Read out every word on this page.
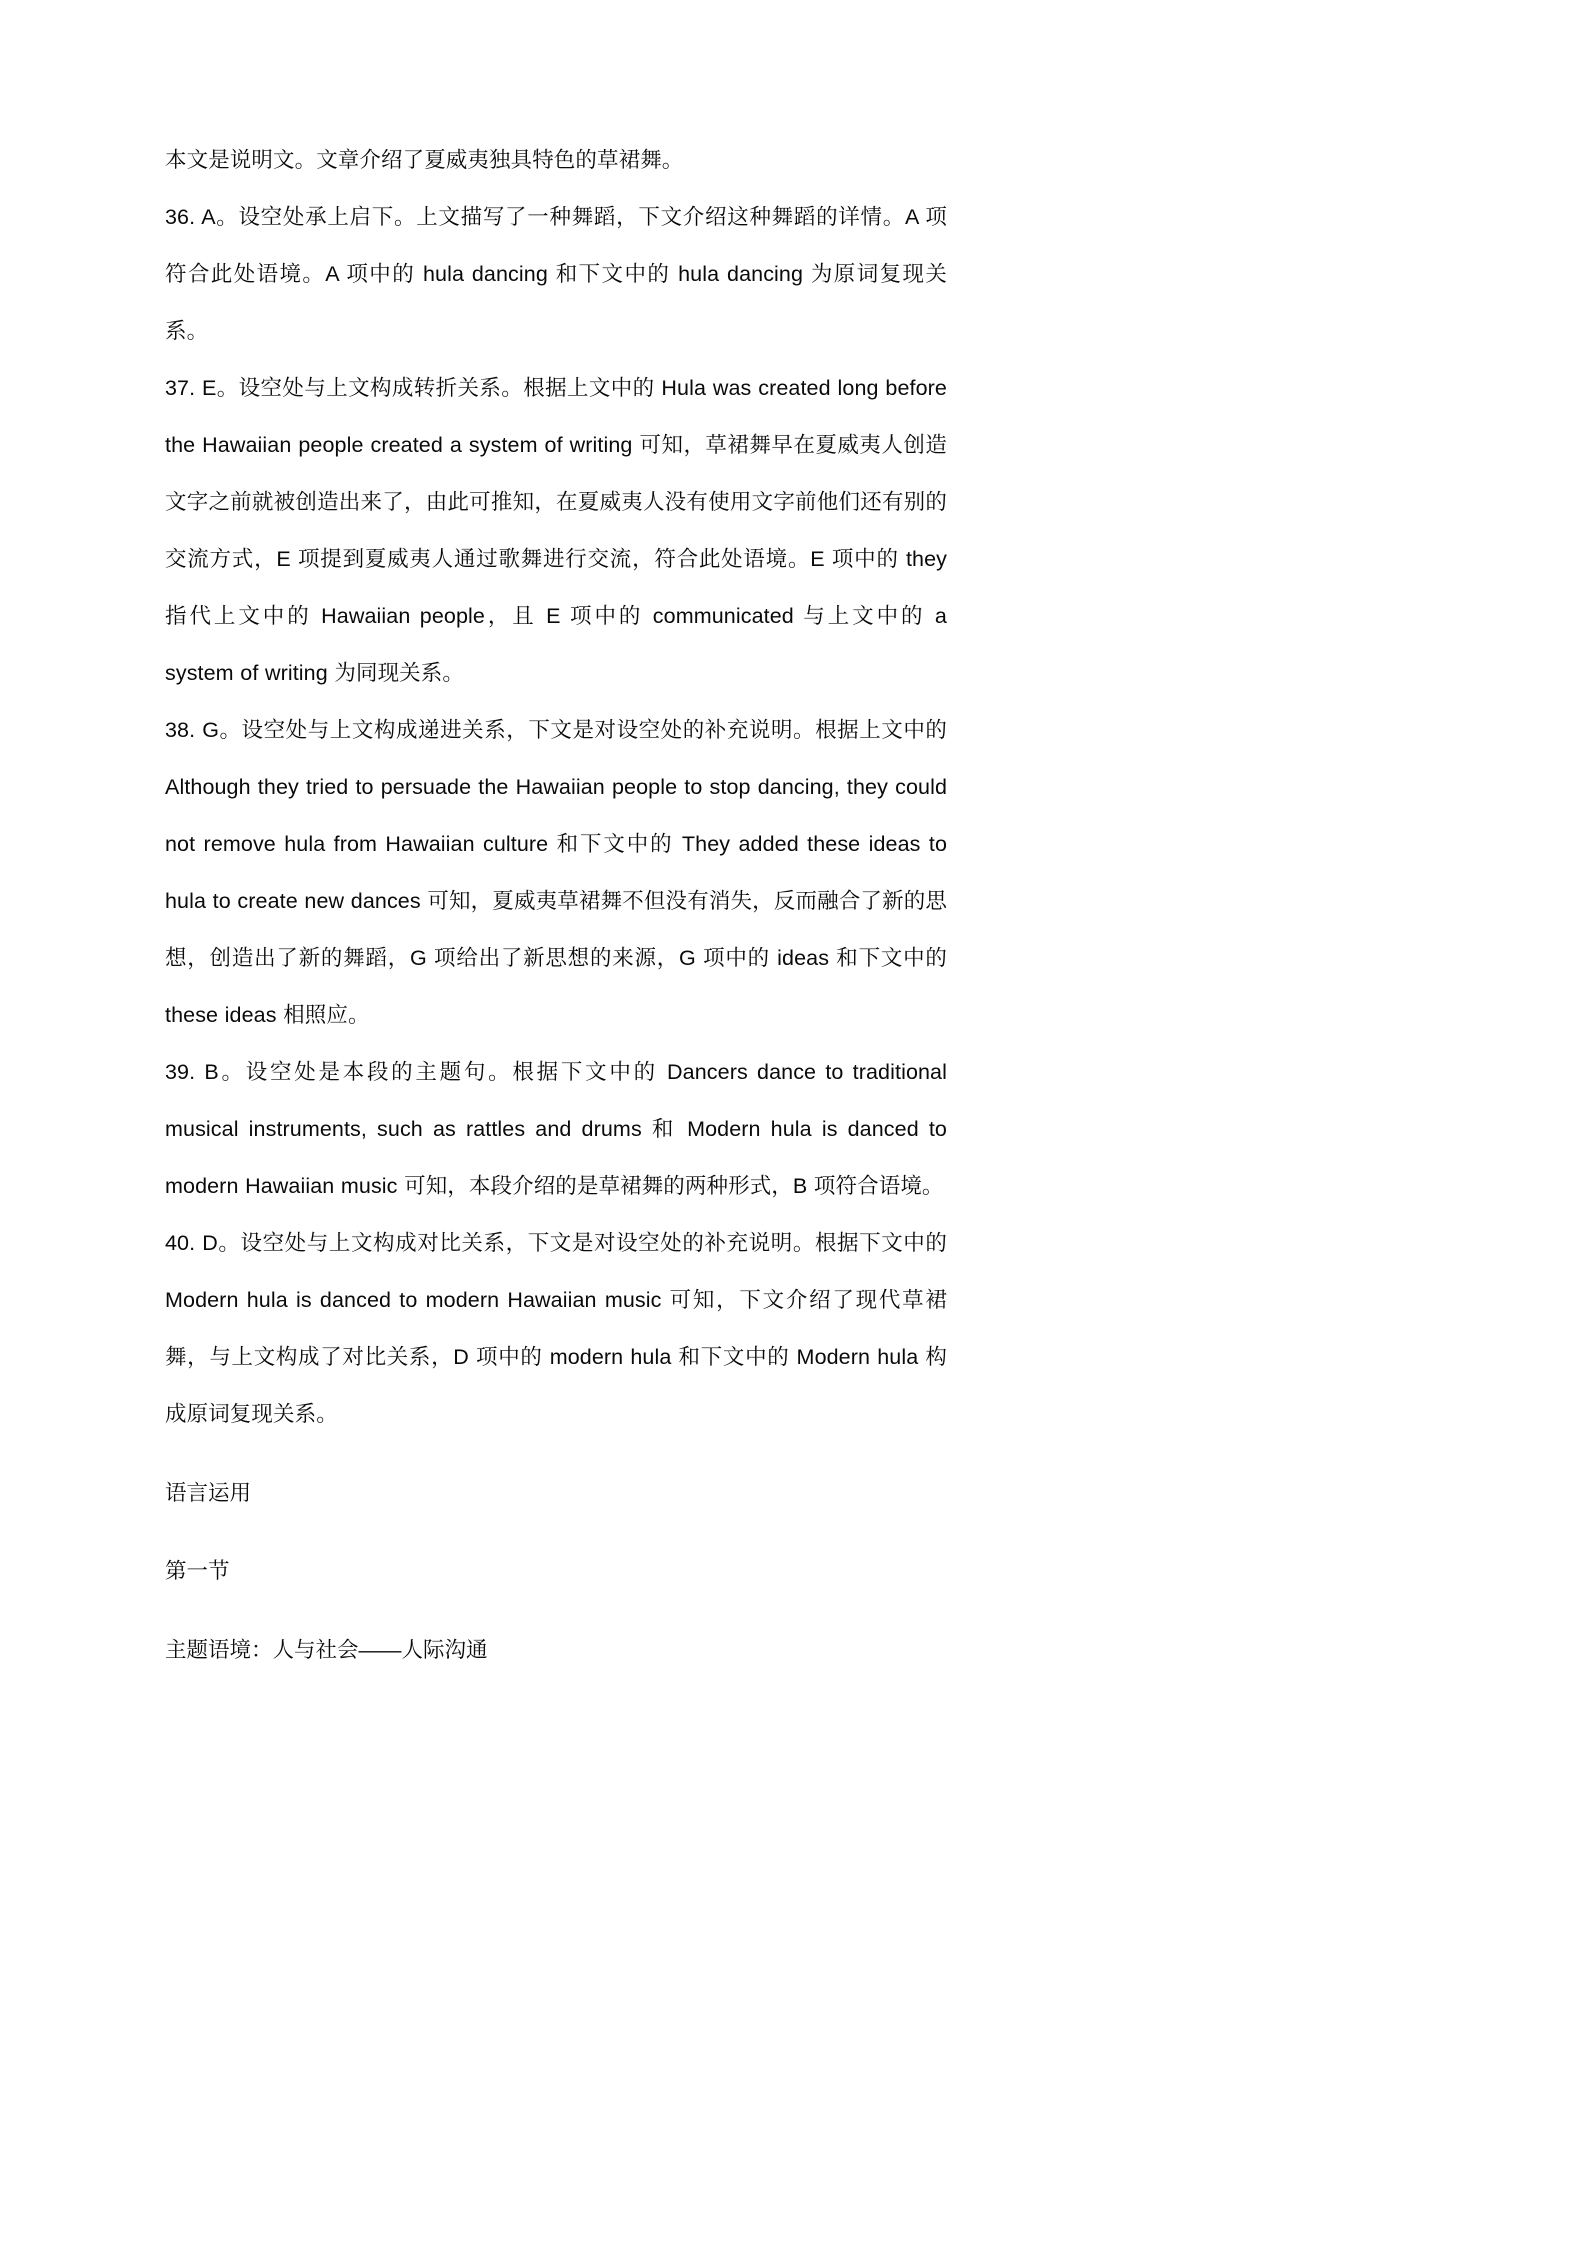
本文是说明文。文章介绍了夏威夷独具特色的草裙舞。

36. A。设空处承上启下。上文描写了一种舞蹈，下文介绍这种舞蹈的详情。A 项符合此处语境。A 项中的 hula dancing 和下文中的 hula dancing 为原词复现关系。

37. E。设空处与上文构成转折关系。根据上文中的 Hula was created long before the Hawaiian people created a system of writing 可知，草裙舞早在夏威夷人创造文字之前就被创造出来了，由此可推知，在夏威夷人没有使用文字前他们还有别的交流方式，E 项提到夏威夷人通过歌舞进行交流，符合此处语境。E 项中的 they 指代上文中的 Hawaiian people，且 E 项中的 communicated 与上文中的 a system of writing 为同现关系。

38. G。设空处与上文构成递进关系，下文是对设空处的补充说明。根据上文中的 Although they tried to persuade the Hawaiian people to stop dancing, they could not remove hula from Hawaiian culture 和下文中的 They added these ideas to hula to create new dances 可知，夏威夷草裙舞不但没有消失，反而融合了新的思想，创造出了新的舞蹈，G 项给出了新思想的来源，G 项中的 ideas 和下文中的 these ideas 相照应。

39. B。设空处是本段的主题句。根据下文中的 Dancers dance to traditional musical instruments, such as rattles and drums 和 Modern hula is danced to modern Hawaiian music 可知，本段介绍的是草裙舞的两种形式，B 项符合语境。

40. D。设空处与上文构成对比关系，下文是对设空处的补充说明。根据下文中的 Modern hula is danced to modern Hawaiian music 可知，下文介绍了现代草裙舞，与上文构成了对比关系，D 项中的 modern hula 和下文中的 Modern hula 构成原词复现关系。

语言运用

第一节

主题语境：人与社会——人际沟通
